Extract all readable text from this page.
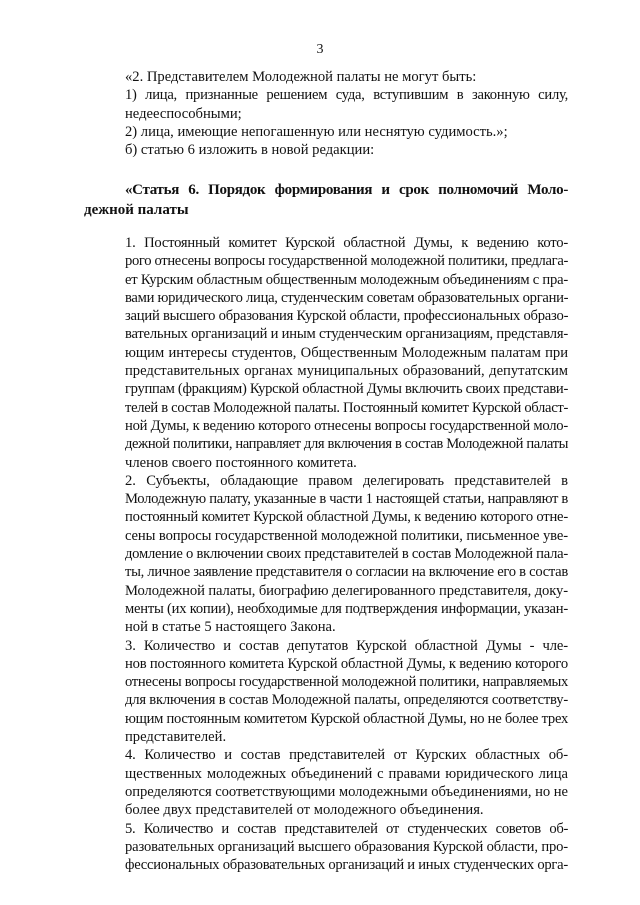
3

«2. Представителем Молодежной палаты не могут быть:

1) лица, признанные решением суда, вступившим в законную силу,
недееспособными;

2) лица, имеющие непогашенную или неснятую судимость.»;

б) статью 6 изложить в новой редакции:

«Статья 6. Порядок формирования и срок полномочий Моло-
дежной палаты

1. Постоянный комитет Курской областной Думы, к ведению кото-
рого отнесены вопросы государственной молодежной политики, предлага-
ет Курским областным общественным молодежным объединениям с пра-
вами юридического лица, студенческим советам образовательных органи-
заций высшего образования Курской области, профессиональных образо-
вательных организаций и иным студенческим организациям, представля-
ющим интересы студентов, Общественным Молодежным палатам при
представительных органах муниципальных образований, депутатским
группам (фракциям) Курской областной Думы включить своих представи-
телей в состав Молодежной палаты. Постоянный комитет Курской област-
ной Думы, к ведению которого отнесены вопросы государственной моло-
дежной политики, направляет для включения в состав Молодежной палаты
членов своего постоянного комитета.

2. Субъекты, обладающие правом делегировать представителей в
Молодежную палату, указанные в части 1 настоящей статьи, направляют в
постоянный комитет Курской областной Думы, к ведению которого отне-
сены вопросы государственной молодежной политики, письменное уве-
домление о включении своих представителей в состав Молодежной пала-
ты, личное заявление представителя о согласии на включение его в состав
Молодежной палаты, биографию делегированного представителя, доку-
менты (их копии), необходимые для подтверждения информации, указан-
ной в статье 5 настоящего Закона.

3. Количество и состав депутатов Курской областной Думы - чле-
нов постоянного комитета Курской областной Думы, к ведению которого
отнесены вопросы государственной молодежной политики, направляемых
для включения в состав Молодежной палаты, определяются соответству-
ющим постоянным комитетом Курской областной Думы, но не более трех
представителей.

4. Количество и состав представителей от Курских областных об-
щественных молодежных объединений с правами юридического лица
определяются соответствующими молодежными объединениями, но не
более двух представителей от молодежного объединения.

5. Количество и состав представителей от студенческих советов об-
разовательных организаций высшего образования Курской области, про-
фессиональных образовательных организаций и иных студенческих орга-
